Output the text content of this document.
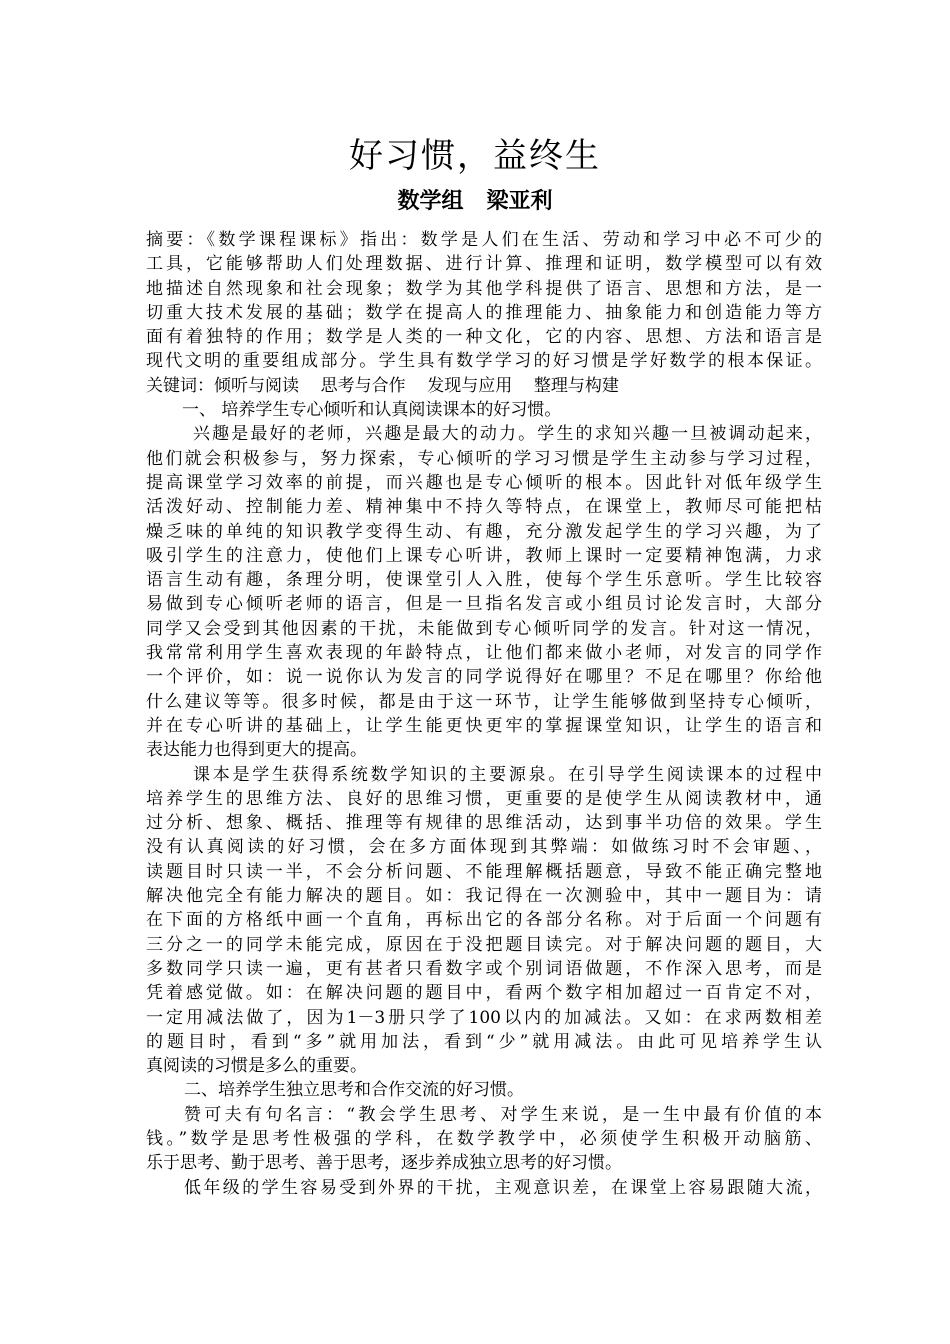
好习惯，益终生
数学组   梁亚利
摘要：《数学课程课标》指出：数学是人们在生活、劳动和学习中必不可少的
工具，它能够帮助人们处理数据、进行计算、推理和证明，数学模型可以有效
地描述自然现象和社会现象；数学为其他学科提供了语言、思想和方法，是一
切重大技术发展的基础；数学在提高人的推理能力、抽象能力和创造能力等方
面有着独特的作用；数学是人类的一种文化，它的内容、思想、方法和语言是
现代文明的重要组成部分。学生具有数学学习的好习惯是学好数学的根本保证。
关键词：倾听与阅读    思考与合作    发现与应用    整理与构建
一、 培养学生专心倾听和认真阅读课本的好习惯。
兴趣是最好的老师，兴趣是最大的动力。学生的求知兴趣一旦被调动起来，
他们就会积极参与，努力探索，专心倾听的学习习惯是学生主动参与学习过程，
提高课堂学习效率的前提，而兴趣也是专心倾听的根本。因此针对低年级学生
活泼好动、控制能力差、精神集中不持久等特点，在课堂上，教师尽可能把枯
燥乏味的单纯的知识教学变得生动、有趣，充分激发起学生的学习兴趣，为了
吸引学生的注意力，使他们上课专心听讲，教师上课时一定要精神饱满，力求
语言生动有趣，条理分明，使课堂引人入胜，使每个学生乐意听。学生比较容
易做到专心倾听老师的语言，但是一旦指名发言或小组员讨论发言时，大部分
同学又会受到其他因素的干扰，未能做到专心倾听同学的发言。针对这一情况，
我常常利用学生喜欢表现的年龄特点，让他们都来做小老师，对发言的同学作
一个评价，如：说一说你认为发言的同学说得好在哪里？不足在哪里？你给他
什么建议等等。很多时候，都是由于这一环节，让学生能够做到坚持专心倾听，
并在专心听讲的基础上，让学生能更快更牢的掌握课堂知识，让学生的语言和
表达能力也得到更大的提高。
课本是学生获得系统数学知识的主要源泉。在引导学生阅读课本的过程中
培养学生的思维方法、良好的思维习惯，更重要的是使学生从阅读教材中，通
过分析、想象、概括、推理等有规律的思维活动，达到事半功倍的效果。学生
没有认真阅读的好习惯，会在多方面体现到其弊端：如做练习时不会审题、，
读题目时只读一半，不会分析问题、不能理解概括题意，导致不能正确完整地
解决他完全有能力解决的题目。如：我记得在一次测验中，其中一题目为：请
在下面的方格纸中画一个直角，再标出它的各部分名称。对于后面一个问题有
三分之一的同学未能完成，原因在于没把题目读完。对于解决问题的题目，大
多数同学只读一遍，更有甚者只看数字或个别词语做题，不作深入思考，而是
凭着感觉做。如：在解决问题的题目中，看两个数字相加超过一百肯定不对，
一定用减法做了，因为1－3册只学了100以内的加减法。又如：在求两数相差
的题目时，看到“多”就用加法，看到“少”就用减法。由此可见培养学生认
真阅读的习惯是多么的重要。
二、培养学生独立思考和合作交流的好习惯。
赞可夫有句名言：“教会学生思考、对学生来说，是一生中最有价值的本
钱。”数学是思考性极强的学科，在数学教学中，必须使学生积极开动脑筋、
乐于思考、勤于思考、善于思考，逐步养成独立思考的好习惯。
低年级的学生容易受到外界的干扰，主观意识差，在课堂上容易跟随大流，
